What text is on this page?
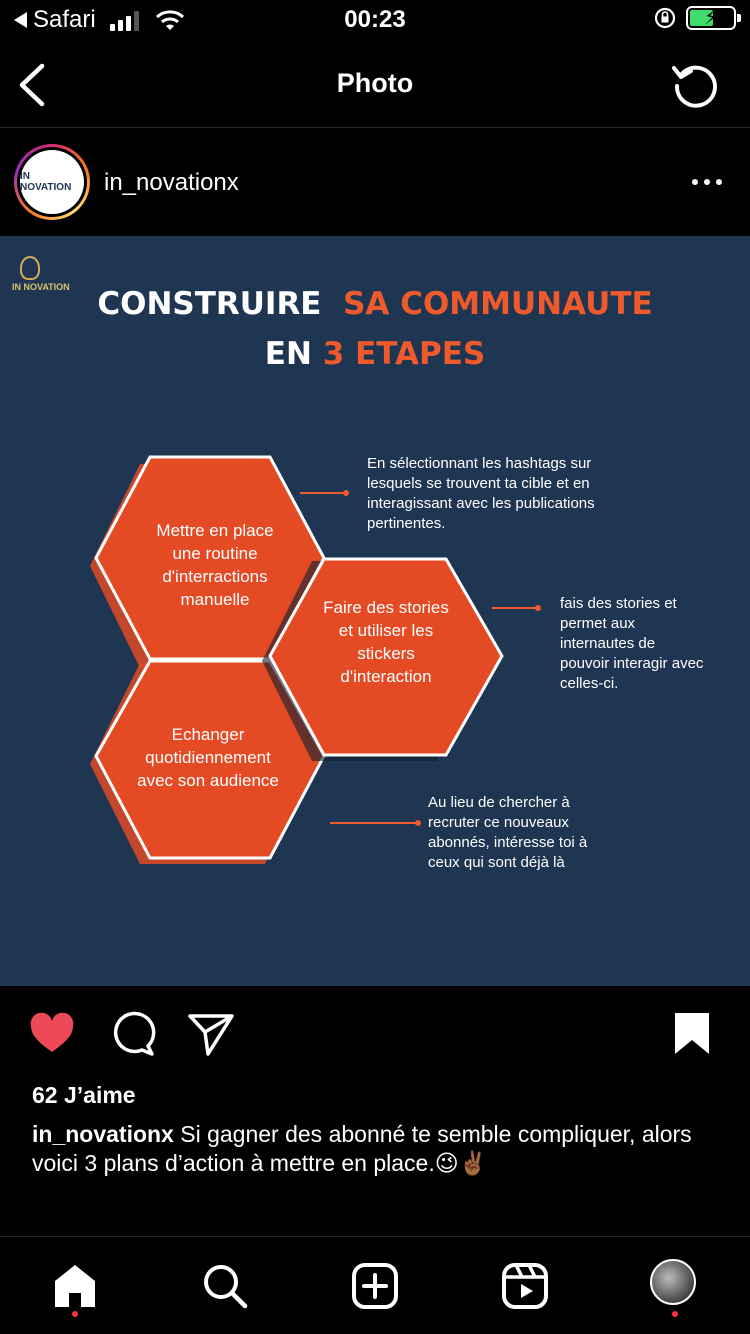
Safari	00:23	⚡
Photo
IN NOVATION	in_novationx
IN NOVATION CONSTRUIRE SA COMMUNAUTE
EN 3 ETAPES
Mettre en place une routine d'interractions manuelle	Faire des stories et utiliser les stickers d'interaction
Echanger quotidiennement avec son audience
En sélectionnant les hashtags sur lesquels se trouvent ta cible et en interagissant avec les publications pertinentes.
fais des stories et permet aux internautes de pouvoir interagir avec celles-ci.
Au lieu de chercher à recruter ce nouveaux abonnés, intéresse toi à ceux qui sont déjà là
62 J’aime
in_novationx Si gagner des abonné te semble compliquer, alors voici 3 plans d’action à mettre en place.😉✌🏾
